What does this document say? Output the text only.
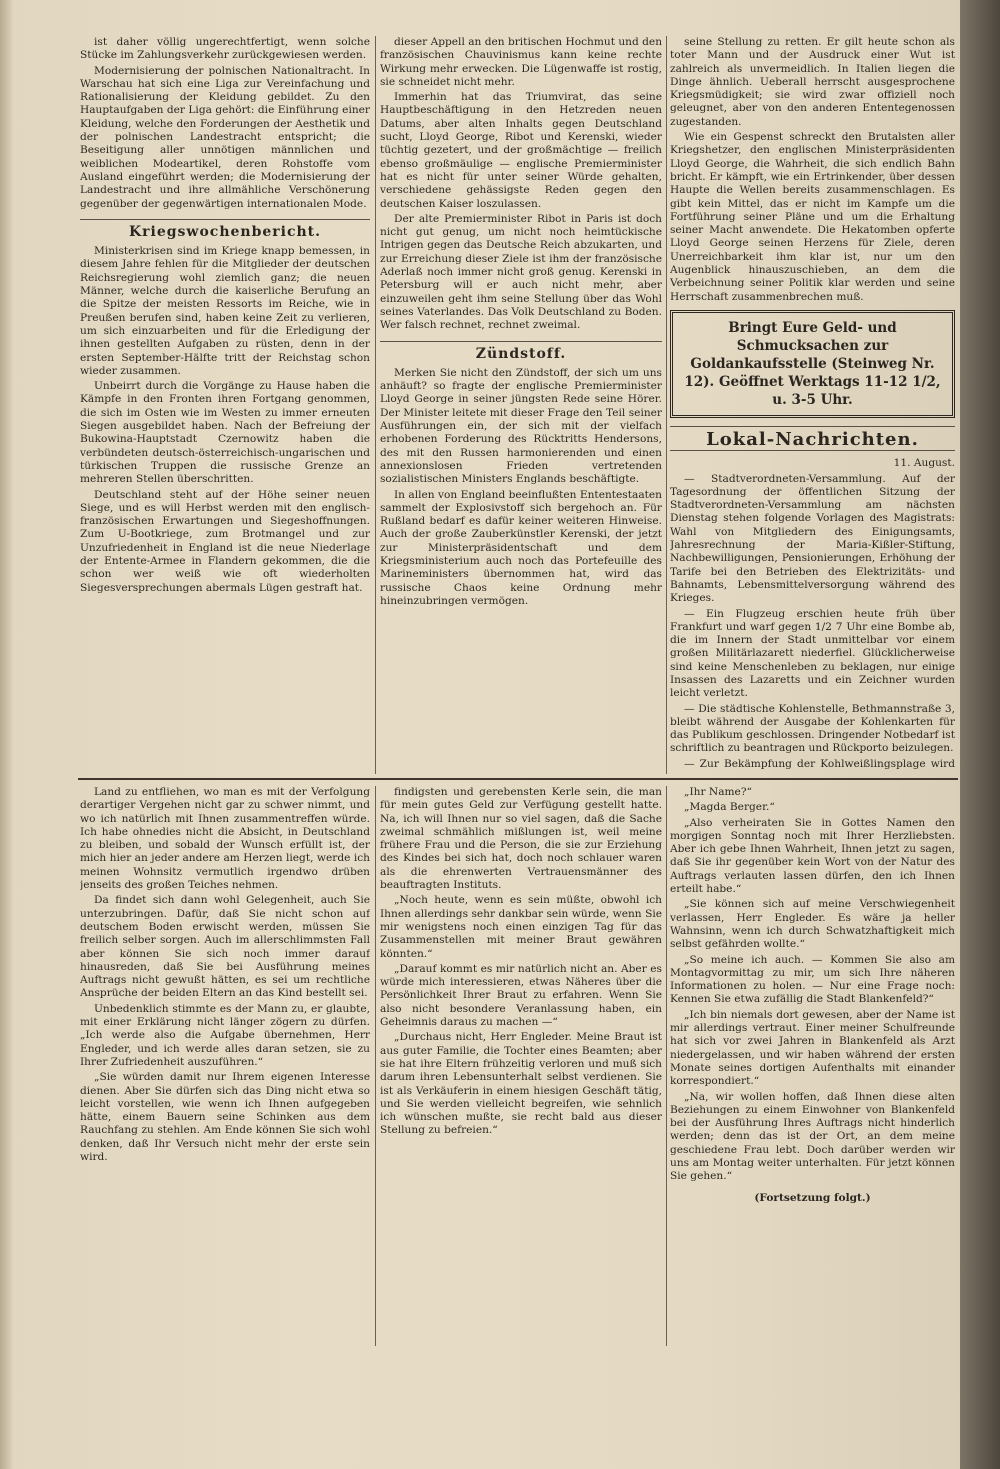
ist daher völlig ungerechtfertigt, wenn solche Stücke im Zahlungsverkehr zurückgewiesen werden.

Modernisierung der polnischen Nationaltracht. In Warschau hat sich eine Liga zur Vereinfachung und Rationalisierung der Kleidung gebildet. Zu den Hauptaufgaben der Liga gehört: die Einführung einer Kleidung, welche den Forderungen der Aesthetik und der polnischen Landestracht entspricht; die Beseitigung aller unnötigen männlichen und weiblichen Modeartikel, deren Rohstoffe vom Ausland eingeführt werden; die Modernisierung der Landestracht und ihre allmähliche Verschönerung gegenüber der gegenwärtigen internationalen Mode.

Kriegswochenbericht.

Ministerkrisen sind im Kriege knapp bemessen, in diesem Jahre fehlen für die Mitglieder der deutschen Reichsregierung wohl ziemlich ganz; die neuen Männer, welche durch die kaiserliche Berufung an die Spitze der meisten Ressorts im Reiche, wie in Preußen berufen sind, haben keine Zeit zu verlieren, um sich einzuarbeiten und für die Erledigung der ihnen gestellten Aufgaben zu rüsten, denn in der ersten September-Hälfte tritt der Reichstag schon wieder zusammen.

Unbeirrt durch die Vorgänge zu Hause haben die Kämpfe in den Fronten ihren Fortgang genommen, die sich im Osten wie im Westen zu immer erneuten Siegen ausgebildet haben. Nach der Befreiung der Bukowina-Hauptstadt Czernowitz haben die verbündeten deutsch-österreichisch-ungarischen und türkischen Truppen die russische Grenze an mehreren Stellen überschritten.

Deutschland steht auf der Höhe seiner neuen Siege, und es will Herbst werden mit den englisch-französischen Erwartungen und Siegeshoffnungen. Zum U-Bootkriege, zum Brotmangel und zur Unzufriedenheit in England ist die neue Niederlage der Entente-Armee in Flandern gekommen, die die schon wer weiß wie oft wiederholten Siegesversprechungen abermals Lügen gestraft hat.

dieser Appell an den britischen Hochmut und den französischen Chauvinismus kann keine rechte Wirkung mehr erwecken. Die Lügenwaffe ist rostig, sie schneidet nicht mehr.

Immerhin hat das Triumvirat, das seine Hauptbeschäftigung in den Hetzreden neuen Datums, aber alten Inhalts gegen Deutschland sucht, Lloyd George, Ribot und Kerenski, wieder tüchtig gezetert, und der großmächtige — freilich ebenso großmäulige — englische Premierminister hat es nicht für unter seiner Würde gehalten, verschiedene gehässigste Reden gegen den deutschen Kaiser loszulassen.

Der alte Premierminister Ribot in Paris ist doch nicht gut genug, um nicht noch heimtückische Intrigen gegen das Deutsche Reich abzukarten, und zur Erreichung dieser Ziele ist ihm der französische Aderlaß noch immer nicht groß genug. Kerenski in Petersburg will er auch nicht mehr, aber einzuweilen geht ihm seine Stellung über das Wohl seines Vaterlandes. Das Volk Deutschland zu Boden. Wer falsch rechnet, rechnet zweimal.

Zündstoff.

Merken Sie nicht den Zündstoff, der sich um uns anhäuft? so fragte der englische Premierminister Lloyd George in seiner jüngsten Rede seine Hörer. Der Minister leitete mit dieser Frage den Teil seiner Ausführungen ein, der sich mit der vielfach erhobenen Forderung des Rücktritts Hendersons, des mit den Russen harmonierenden und einen annexionslosen Frieden vertretenden sozialistischen Ministers Englands beschäftigte.

In allen von England beeinflußten Ententestaaten sammelt der Explosivstoff sich bergehoch an. Für Rußland bedarf es dafür keiner weiteren Hinweise. Auch der große Zauberkünstler Kerenski, der jetzt zur Ministerpräsidentschaft und dem Kriegsministerium auch noch das Portefeuille des Marineministers übernommen hat, wird das russische Chaos keine Ordnung mehr hineinzubringen vermögen.

seine Stellung zu retten. Er gilt heute schon als toter Mann und der Ausdruck einer Wut ist zahlreich als unvermeidlich. In Italien liegen die Dinge ähnlich. Ueberall herrscht ausgesprochene Kriegsmüdigkeit; sie wird zwar offiziell noch geleugnet, aber von den anderen Ententegenossen zugestanden.

Wie ein Gespenst schreckt den Brutalsten aller Kriegshetzer, den englischen Ministerpräsidenten Lloyd George, die Wahrheit, die sich endlich Bahn bricht. Er kämpft, wie ein Ertrinkender, über dessen Haupte die Wellen bereits zusammenschlagen. Es gibt kein Mittel, das er nicht im Kampfe um die Fortführung seiner Pläne und um die Erhaltung seiner Macht anwendete. Die Hekatomben opferte Lloyd George seinen Herzens für Ziele, deren Unerreichbarkeit ihm klar ist, nur um den Augenblick hinauszuschieben, an dem die Verbeichnung seiner Politik klar werden und seine Herrschaft zusammenbrechen muß.

Bringt Eure Geld- und Schmucksachen zur Goldankaufsstelle (Steinweg Nr. 12). Geöffnet Werktags 11-12 1/2, u. 3-5 Uhr.
Lokal-Nachrichten.
11. August.

— Stadtverordneten-Versammlung. Auf der Tagesordnung der öffentlichen Sitzung der Stadtverordneten-Versammlung am nächsten Dienstag stehen folgende Vorlagen des Magistrats: Wahl von Mitgliedern des Einigungsamts, Jahresrechnung der Maria-Kißler-Stiftung, Nachbewilligungen, Pensionierungen, Erhöhung der Tarife bei den Betrieben des Elektrizitäts- und Bahnamts, Lebensmittelversorgung während des Krieges.

— Ein Flugzeug erschien heute früh über Frankfurt und warf gegen 1/2 7 Uhr eine Bombe ab, die im Innern der Stadt unmittelbar vor einem großen Militärlazarett niederfiel. Glücklicherweise sind keine Menschenleben zu beklagen, nur einige Insassen des Lazaretts und ein Zeichner wurden leicht verletzt.

— Die städtische Kohlenstelle, Bethmannstraße 3, bleibt während der Ausgabe der Kohlenkarten für das Publikum geschlossen. Dringender Notbedarf ist schriftlich zu beantragen und Rückporto beizulegen.

— Zur Bekämpfung der Kohlweißlingsplage wird

Land zu entfliehen, wo man es mit der Verfolgung derartiger Vergehen nicht gar zu schwer nimmt, und wo ich natürlich mit Ihnen zusammentreffen würde. Ich habe ohnedies nicht die Absicht, in Deutschland zu bleiben, und sobald der Wunsch erfüllt ist, der mich hier an jeder andere am Herzen liegt, werde ich meinen Wohnsitz vermutlich irgendwo drüben jenseits des großen Teiches nehmen.

Da findet sich dann wohl Gelegenheit, auch Sie unterzubringen. Dafür, daß Sie nicht schon auf deutschem Boden erwischt werden, müssen Sie freilich selber sorgen. Auch im allerschlimmsten Fall aber können Sie sich noch immer darauf hinausreden, daß Sie bei Ausführung meines Auftrags nicht gewußt hätten, es sei um rechtliche Ansprüche der beiden Eltern an das Kind bestellt sei.

Unbedenklich stimmte es der Mann zu, er glaubte, mit einer Erklärung nicht länger zögern zu dürfen. „Ich werde also die Aufgabe übernehmen, Herr Engleder, und ich werde alles daran setzen, sie zu Ihrer Zufriedenheit auszuführen.“

„Sie würden damit nur Ihrem eigenen Interesse dienen. Aber Sie dürfen sich das Ding nicht etwa so leicht vorstellen, wie wenn ich Ihnen aufgegeben hätte, einem Bauern seine Schinken aus dem Rauchfang zu stehlen. Am Ende können Sie sich wohl denken, daß Ihr Versuch nicht mehr der erste sein wird.

findigsten und gerebensten Kerle sein, die man für mein gutes Geld zur Verfügung gestellt hatte. Na, ich will Ihnen nur so viel sagen, daß die Sache zweimal schmählich mißlungen ist, weil meine frühere Frau und die Person, die sie zur Erziehung des Kindes bei sich hat, doch noch schlauer waren als die ehrenwerten Vertrauensmänner des beauftragten Instituts.

„Noch heute, wenn es sein müßte, obwohl ich Ihnen allerdings sehr dankbar sein würde, wenn Sie mir wenigstens noch einen einzigen Tag für das Zusammenstellen mit meiner Braut gewähren könnten.“

„Darauf kommt es mir natürlich nicht an. Aber es würde mich interessieren, etwas Näheres über die Persönlichkeit Ihrer Braut zu erfahren. Wenn Sie also nicht besondere Veranlassung haben, ein Geheimnis daraus zu machen —“

„Durchaus nicht, Herr Engleder. Meine Braut ist aus guter Familie, die Tochter eines Beamten; aber sie hat ihre Eltern frühzeitig verloren und muß sich darum ihren Lebensunterhalt selbst verdienen. Sie ist als Verkäuferin in einem hiesigen Geschäft tätig, und Sie werden vielleicht begreifen, wie sehnlich ich wünschen mußte, sie recht bald aus dieser Stellung zu befreien.“

„Ihr Name?“

„Magda Berger.“

„Also verheiraten Sie in Gottes Namen den morgigen Sonntag noch mit Ihrer Herzliebsten. Aber ich gebe Ihnen Wahrheit, Ihnen jetzt zu sagen, daß Sie ihr gegenüber kein Wort von der Natur des Auftrags verlauten lassen dürfen, den ich Ihnen erteilt habe.“

„Sie können sich auf meine Verschwiegenheit verlassen, Herr Engleder. Es wäre ja heller Wahnsinn, wenn ich durch Schwatzhaftigkeit mich selbst gefährden wollte.“

„So meine ich auch. — Kommen Sie also am Montagvormittag zu mir, um sich Ihre näheren Informationen zu holen. — Nur eine Frage noch: Kennen Sie etwa zufällig die Stadt Blankenfeld?“

„Ich bin niemals dort gewesen, aber der Name ist mir allerdings vertraut. Einer meiner Schulfreunde hat sich vor zwei Jahren in Blankenfeld als Arzt niedergelassen, und wir haben während der ersten Monate seines dortigen Aufenthalts mit einander korrespondiert.“

„Na, wir wollen hoffen, daß Ihnen diese alten Beziehungen zu einem Einwohner von Blankenfeld bei der Ausführung Ihres Auftrags nicht hinderlich werden; denn das ist der Ort, an dem meine geschiedene Frau lebt. Doch darüber werden wir uns am Montag weiter unterhalten. Für jetzt können Sie gehen.“

(Fortsetzung folgt.)
